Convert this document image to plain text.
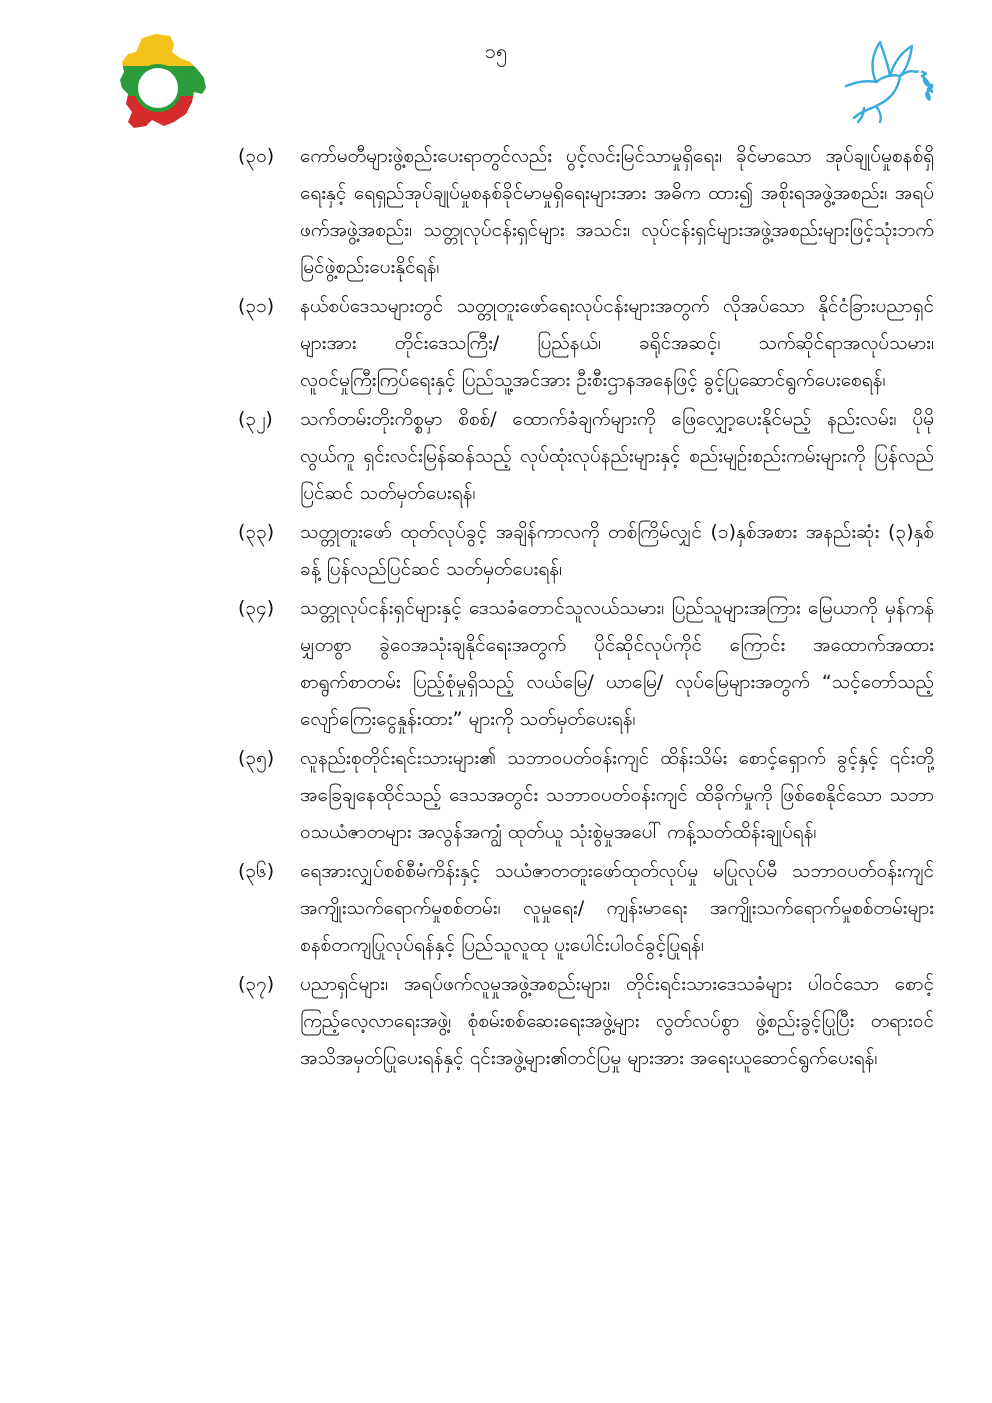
၁၅
(၃၀)	ကော်မတီများဖွဲ့စည်းပေးရာတွင်လည်း ပွင့်လင်းမြင်သာမှုရှိရေး၊ ခိုင်မာသော အုပ်ချုပ်မှုစနစ်ရှိရေးနှင့် ရေရှည်အုပ်ချုပ်မှုစနစ်ခိုင်မာမှုရှိရေးများအား အဓိက ထား၍ အစိုးရအဖွဲ့အစည်း၊ အရပ်ဖက်အဖွဲ့အစည်း၊ သတ္တုလုပ်ငန်းရှင်များ အသင်း၊ လုပ်ငန်းရှင်များအဖွဲ့အစည်းများဖြင့်သုံးဘက်မြင်ဖွဲ့စည်းပေးနိုင်ရန်၊
(၃၁)	နယ်စပ်ဒေသများတွင် သတ္တုတူးဖော်ရေးလုပ်ငန်းများအတွက် လိုအပ်သော နိုင်ငံခြားပညာရှင်များအား တိုင်းဒေသကြီး/ ပြည်နယ်၊ ခရိုင်အဆင့်၊ သက်ဆိုင်ရာအလုပ်သမား၊ လူဝင်မှုကြီးကြပ်ရေးနှင့် ပြည်သူ့အင်အား ဦးစီးဌာနအနေဖြင့် ခွင့်ပြုဆောင်ရွက်ပေးစေရန်၊
(၃၂)	သက်တမ်းတိုးကိစ္စမှာ စိစစ်/ ထောက်ခံချက်များကို ဖြေလျှော့ပေးနိုင်မည့် နည်းလမ်း၊ ပိုမိုလွယ်ကူ ရှင်းလင်းမြန်ဆန်သည့် လုပ်ထုံးလုပ်နည်းများနှင့် စည်းမျဉ်းစည်းကမ်းများကို ပြန်လည်ပြင်ဆင် သတ်မှတ်ပေးရန်၊
(၃၃)	သတ္တုတူးဖော် ထုတ်လုပ်ခွင့် အချိန်ကာလကို တစ်ကြိမ်လျှင် (၁)နှစ်အစား အနည်းဆုံး (၃)နှစ်ခန့် ပြန်လည်ပြင်ဆင် သတ်မှတ်ပေးရန်၊
(၃၄)	သတ္တုလုပ်ငန်းရှင်များနှင့် ဒေသခံတောင်သူလယ်သမား၊ ပြည်သူများအကြား မြေယာကို မှန်ကန်မျှတစွာ ခွဲဝေအသုံးချနိုင်ရေးအတွက် ပိုင်ဆိုင်လုပ်ကိုင် ကြောင်း အထောက်အထားစာရွက်စာတမ်း ပြည့်စုံမှုရှိသည့် လယ်မြေ/ ယာမြေ/ လုပ်မြေများအတွက် “သင့်တော်သည့် လျော်ကြေးငွေနှုန်းထား” များကို သတ်မှတ်ပေးရန်၊
(၃၅)	လူနည်းစုတိုင်းရင်းသားများ၏ သဘာဝပတ်ဝန်းကျင် ထိန်းသိမ်း စောင့်ရှောက် ခွင့်နှင့် ၎င်းတို့ အခြေချနေထိုင်သည့် ဒေသအတွင်း သဘာဝပတ်ဝန်းကျင် ထိခိုက်မှုကို ဖြစ်စေနိုင်သော သဘာဝသယံဇာတများ အလွန်အကျွံ ထုတ်ယူ သုံးစွဲမှုအပေါ် ကန့်သတ်ထိန်းချုပ်ရန်၊
(၃၆)	ရေအားလျှပ်စစ်စီမံကိန်းနှင့် သယံဇာတတူးဖော်ထုတ်လုပ်မှု မပြုလုပ်မီ သဘာဝပတ်ဝန်းကျင်အကျိုးသက်ရောက်မှုစစ်တမ်း၊ လူမှုရေး/ ကျန်းမာရေး အကျိုးသက်ရောက်မှုစစ်တမ်းများ စနစ်တကျပြုလုပ်ရန်နှင့် ပြည်သူလူထု ပူးပေါင်းပါဝင်ခွင့်ပြုရန်၊
(၃၇)	ပညာရှင်များ၊ အရပ်ဖက်လူမှုအဖွဲ့အစည်းများ၊ တိုင်းရင်းသားဒေသခံများ ပါဝင်သော စောင့်ကြည့်လေ့လာရေးအဖွဲ့၊ စုံစမ်းစစ်ဆေးရေးအဖွဲ့များ လွတ်လပ်စွာ ဖွဲ့စည်းခွင့်ပြုပြီး တရားဝင်အသိအမှတ်ပြုပေးရန်နှင့် ၎င်းအဖွဲ့များ၏တင်ပြမှု များအား အရေးယူဆောင်ရွက်ပေးရန်၊
